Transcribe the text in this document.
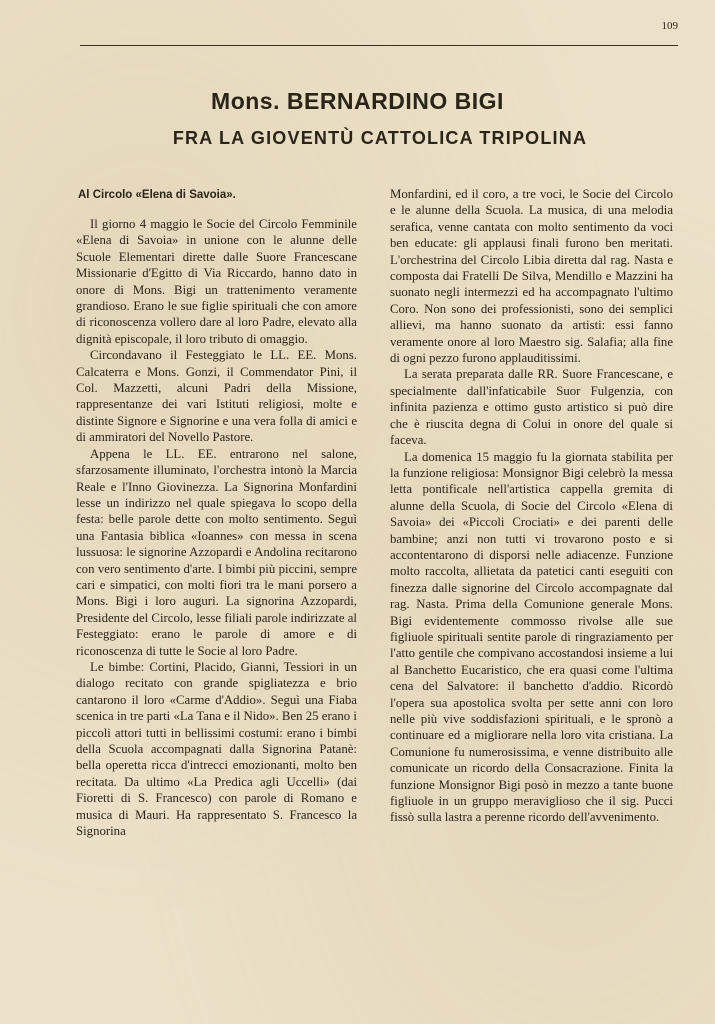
109
Mons. BERNARDINO BIGI
FRA LA GIOVENTÙ CATTOLICA TRIPOLINA
Al Circolo «Elena di Savoia».

Il giorno 4 maggio le Socie del Circolo Femminile «Elena di Savoia» in unione con le alunne delle Scuole Elementari dirette dalle Suore Francescane Missionarie d'Egitto di Via Riccardo, hanno dato in onore di Mons. Bigi un trattenimento veramente grandioso. Erano le sue figlie spirituali che con amore di riconoscenza vollero dare al loro Padre, elevato alla dignità episcopale, il loro tributo di omaggio.

Circondavano il Festeggiato le LL. EE. Mons. Calcaterra e Mons. Gonzi, il Commendator Pini, il Col. Mazzetti, alcuni Padri della Missione, rappresentanze dei vari Istituti religiosi, molte e distinte Signore e Signorine e una vera folla di amici e di ammiratori del Novello Pastore.

Appena le LL. EE. entrarono nel salone, sfarzosamente illuminato, l'orchestra intonò la Marcia Reale e l'Inno Giovinezza. La Signorina Monfardini lesse un indirizzo nel quale spiegava lo scopo della festa: belle parole dette con molto sentimento. Seguì una Fantasia biblica «Ioannes» con messa in scena lussuosa: le signorine Azzopardi e Andolina recitarono con vero sentimento d'arte. I bimbi più piccini, sempre cari e simpatici, con molti fiori tra le mani porsero a Mons. Bigi i loro auguri. La signorina Azzopardi, Presidente del Circolo, lesse filiali parole indirizzate al Festeggiato: erano le parole di amore e di riconoscenza di tutte le Socie al loro Padre.

Le bimbe: Cortini, Placido, Gianni, Tessiori in un dialogo recitato con grande spigliatezza e brio cantarono il loro «Carme d'Addio». Seguì una Fiaba scenica in tre parti «La Tana e il Nido». Ben 25 erano i piccoli attori tutti in bellissimi costumi: erano i bimbi della Scuola accompagnati dalla Signorina Patanè: bella operetta ricca d'intrecci emozionanti, molto ben recitata. Da ultimo «La Predica agli Uccelli» (dai Fioretti di S. Francesco) con parole di Romano e musica di Mauri. Ha rappresentato S. Francesco la Signorina

Monfardini, ed il coro, a tre voci, le Socie del Circolo e le alunne della Scuola. La musica, di una melodia serafica, venne cantata con molto sentimento da voci ben educate: gli applausi finali furono ben meritati. L'orchestrina del Circolo Libia diretta dal rag. Nasta e composta dai Fratelli De Silva, Mendillo e Mazzini ha suonato negli intermezzi ed ha accompagnato l'ultimo Coro. Non sono dei professionisti, sono dei semplici allievi, ma hanno suonato da artisti: essi fanno veramente onore al loro Maestro sig. Salafia; alla fine di ogni pezzo furono applauditissimi.

La serata preparata dalle RR. Suore Francescane, e specialmente dall'infaticabile Suor Fulgenzia, con infinita pazienza e ottimo gusto artistico si può dire che è riuscita degna di Colui in onore del quale si faceva.

La domenica 15 maggio fu la giornata stabilita per la funzione religiosa: Monsignor Bigi celebrò la messa letta pontificale nell'artistica cappella gremita di alunne della Scuola, di Socie del Circolo «Elena di Savoia» dei «Piccoli Crociati» e dei parenti delle bambine; anzi non tutti vi trovarono posto e si accontentarono di disporsi nelle adiacenze. Funzione molto raccolta, allietata da patetici canti eseguiti con finezza dalle signorine del Circolo accompagnate dal rag. Nasta. Prima della Comunione generale Mons. Bigi evidentemente commosso rivolse alle sue figliuole spirituali sentite parole di ringraziamento per l'atto gentile che compivano accostandosi insieme a lui al Banchetto Eucaristico, che era quasi come l'ultima cena del Salvatore: il banchetto d'addio. Ricordò l'opera sua apostolica svolta per sette anni con loro nelle più vive soddisfazioni spirituali, e le spronò a continuare ed a migliorare nella loro vita cristiana. La Comunione fu numerosissima, e venne distribuito alle comunicate un ricordo della Consacrazione. Finita la funzione Monsignor Bigi posò in mezzo a tante buone figliuole in un gruppo meraviglioso che il sig. Pucci fissò sulla lastra a perenne ricordo dell'avvenimento.
